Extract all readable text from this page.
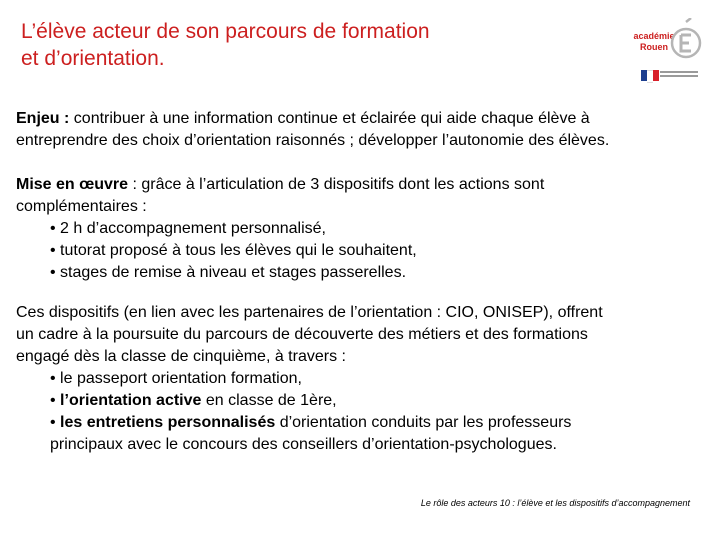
L’élève acteur de son parcours de formation
et d’orientation.
académie
Rouen

Enjeu : contribuer à une information continue et éclairée qui aide chaque élève à

entreprendre des choix d’orientation raisonnés ; développer l’autonomie des élèves.

Mise en œuvre : grâce à l’articulation de 3 dispositifs dont les actions sont

complémentaires :

• 2 h d’accompagnement personnalisé,

• tutorat proposé à tous les élèves qui le souhaitent,

• stages de remise à niveau et stages passerelles.

Ces dispositifs (en lien avec les partenaires de l’orientation : CIO, ONISEP), offrent

un cadre à la poursuite du parcours de découverte des métiers et des formations

engagé dès la classe de cinquième, à travers :

• le passeport orientation formation,

• l’orientation active en classe de 1ère,

• les entretiens personnalisés d’orientation conduits par les professeurs

principaux avec le concours des conseillers d’orientation-psychologues.

Le rôle des acteurs 10 : l’élève et les dispositifs d’accompagnement
